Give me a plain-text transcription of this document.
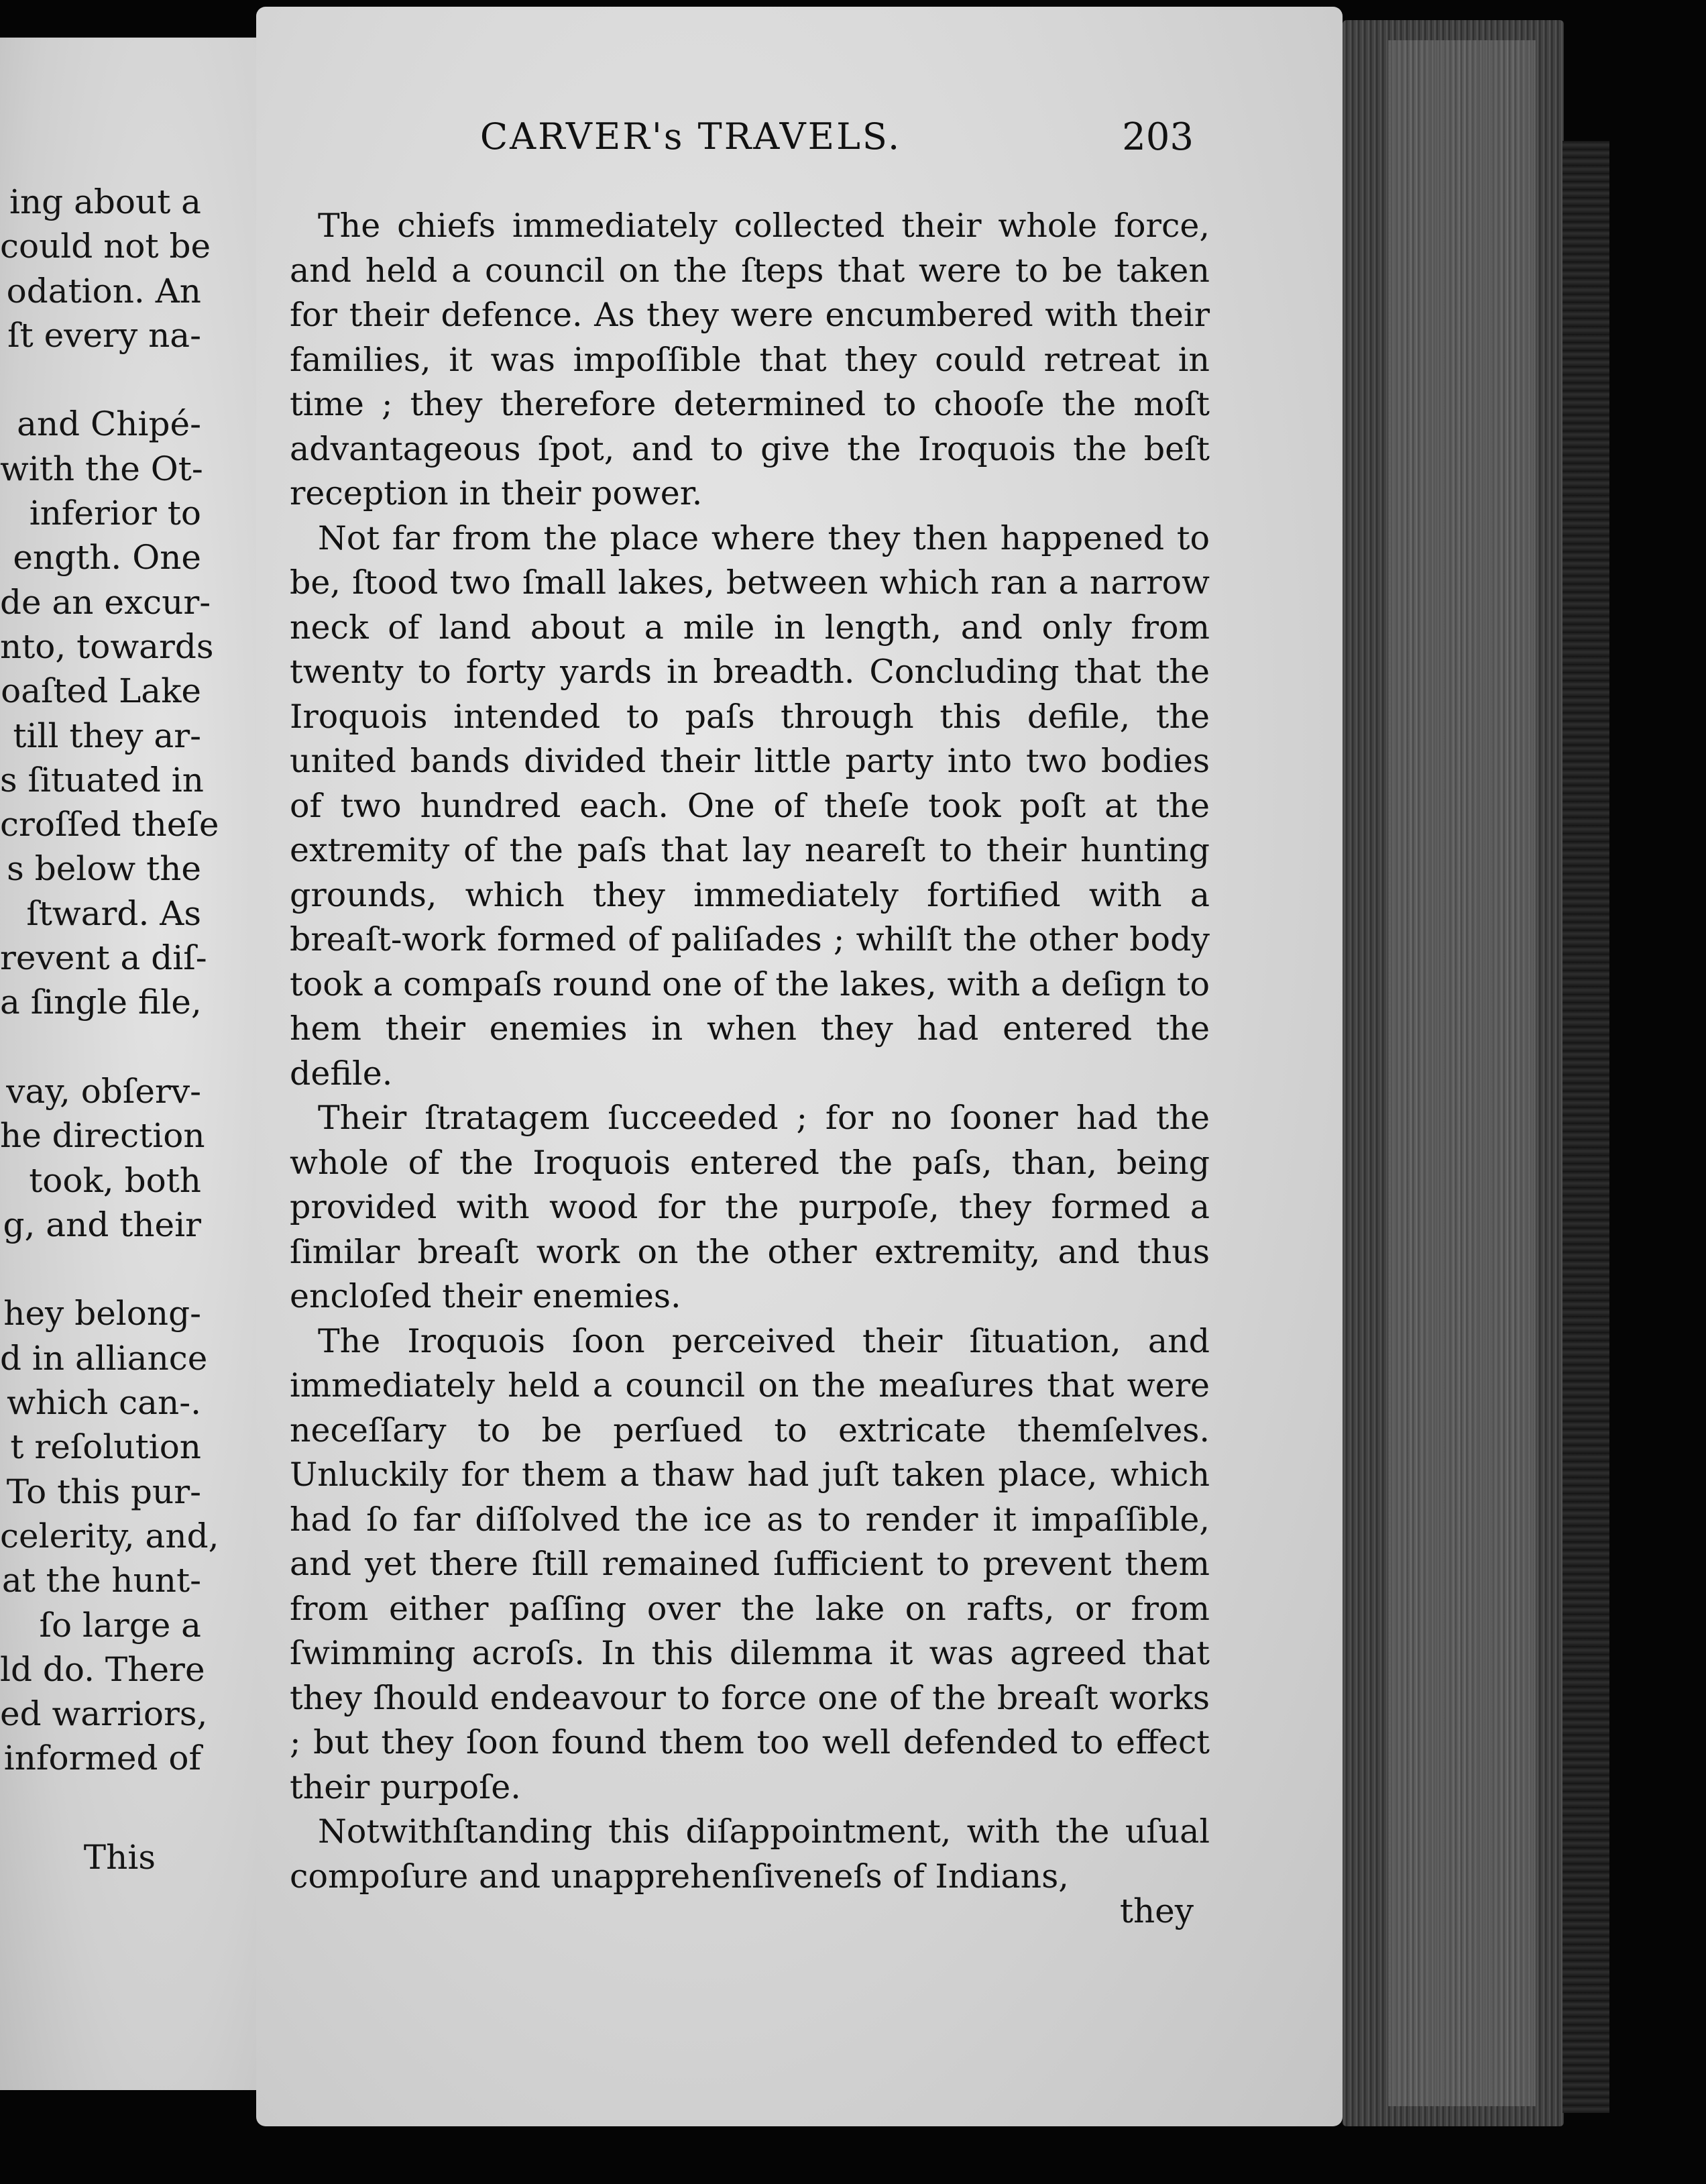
ing about a
could not be
odation. An
ſt every na-

and Chipé-
with the Ot-
inferior to
ength. One
de an excur-
nto, towards
oaſted Lake
till they ar-
s ſituated in
croſſed theſe
s below the
ſtward. As
revent a diſ-
a ſingle file,

vay, obſerv-
he direction
took, both
g, and their

hey belong-
d in alliance
which can-.
t reſolution
To this pur-
celerity, and,
at the hunt-
ſo large a
ld do. There
ed warriors,
informed of
This
CARVER's TRAVELS.	203

The chiefs immediately collected their whole force, and held a council on the ſteps that were to be taken for their defence. As they were encumbered with their families, it was impoſſible that they could retreat in time ; they therefore determined to chooſe the moſt advantageous ſpot, and to give the Iroquois the beſt reception in their power.

Not far from the place where they then happened to be, ſtood two ſmall lakes, between which ran a narrow neck of land about a mile in length, and only from twenty to forty yards in breadth. Concluding that the Iroquois intended to paſs through this defile, the united bands divided their little party into two bodies of two hundred each. One of theſe took poſt at the extremity of the paſs that lay neareſt to their hunting grounds, which they immediately fortified with a breaſt-work formed of paliſades ; whilſt the other body took a compaſs round one of the lakes, with a deſign to hem their enemies in when they had entered the defile.

Their ſtratagem ſucceeded ; for no ſooner had the whole of the Iroquois entered the paſs, than, being provided with wood for the purpoſe, they formed a ſimilar breaſt work on the other extremity, and thus encloſed their enemies.

The Iroquois ſoon perceived their ſituation, and immediately held a council on the meaſures that were neceſſary to be perſued to extricate themſelves. Unluckily for them a thaw had juſt taken place, which had ſo far diſſolved the ice as to render it impaſſible, and yet there ſtill remained ſufficient to prevent them from either paſſing over the lake on rafts, or from ſwimming acroſs. In this dilemma it was agreed that they ſhould endeavour to force one of the breaſt works ; but they ſoon found them too well defended to effect their purpoſe.

Notwithſtanding this diſappointment, with the uſual compoſure and unapprehenſiveneſs of Indians,

they
